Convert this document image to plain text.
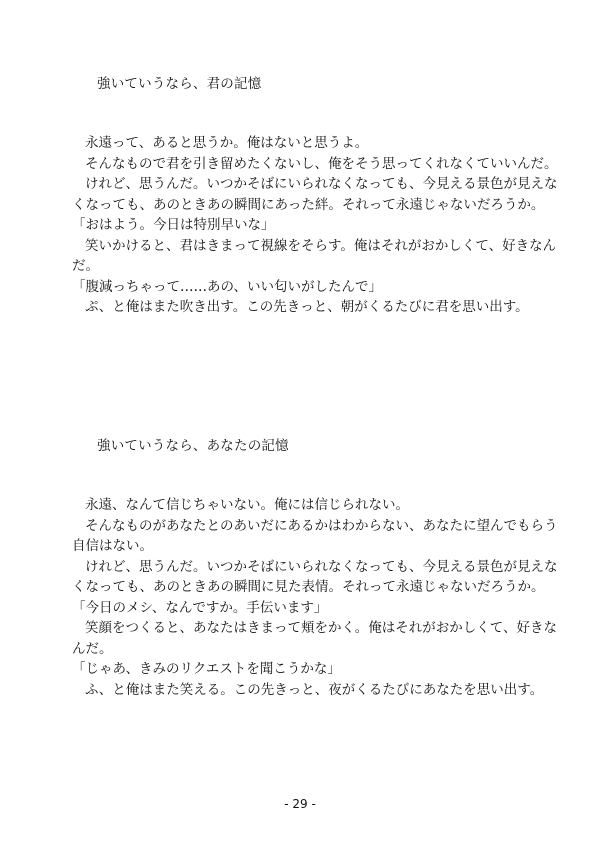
強いていうなら、君の記憶
永遠って、あると思うか。俺はないと思うよ。
そんなもので君を引き留めたくないし、俺をそう思ってくれなくていいんだ。
けれど、思うんだ。いつかそばにいられなくなっても、今見える景色が見えな
くなっても、あのときあの瞬間にあった絆。それって永遠じゃないだろうか。
「おはよう。今日は特別早いな」
笑いかけると、君はきまって視線をそらす。俺はそれがおかしくて、好きなん
だ。
「腹減っちゃって……あの、いい匂いがしたんで」
ぷ、と俺はまた吹き出す。この先きっと、朝がくるたびに君を思い出す。
強いていうなら、あなたの記憶
永遠、なんて信じちゃいない。俺には信じられない。
そんなものがあなたとのあいだにあるかはわからない、あなたに望んでもらう
自信はない。
けれど、思うんだ。いつかそばにいられなくなっても、今見える景色が見えな
くなっても、あのときあの瞬間に見た表情。それって永遠じゃないだろうか。
「今日のメシ、なんですか。手伝います」
笑顔をつくると、あなたはきまって頬をかく。俺はそれがおかしくて、好きな
んだ。
「じゃあ、きみのリクエストを聞こうかな」
ふ、と俺はまた笑える。この先きっと、夜がくるたびにあなたを思い出す。
- 29 -
